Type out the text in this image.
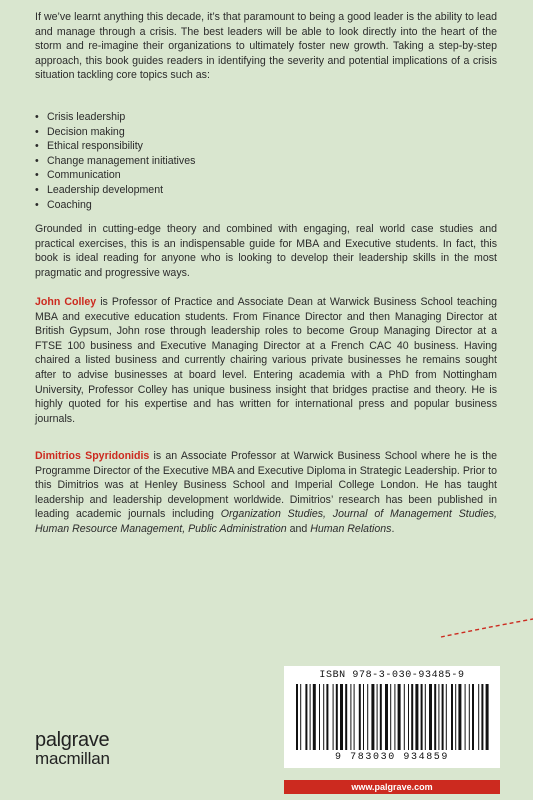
If we’ve learnt anything this decade, it’s that paramount to being a good leader is the ability to lead and manage through a crisis. The best leaders will be able to look directly into the heart of the storm and re-imagine their organizations to ultimately foster new growth. Taking a step-by-step approach, this book guides readers in identifying the severity and potential implications of a crisis situation tackling core topics such as:

• Crisis leadership
• Decision making
• Ethical responsibility
• Change management initiatives
• Communication
• Leadership development
• Coaching

Grounded in cutting-edge theory and combined with engaging, real world case studies and practical exercises, this is an indispensable guide for MBA and Executive students. In fact, this book is ideal reading for anyone who is looking to develop their leadership skills in the most pragmatic and progressive ways.

John Colley is Professor of Practice and Associate Dean at Warwick Business School teaching MBA and executive education students. From Finance Director and then Managing Director at British Gypsum, John rose through leadership roles to become Group Managing Director at a FTSE 100 business and Executive Managing Director at a French CAC 40 business. Having chaired a listed business and currently chairing various private businesses he remains sought after to advise businesses at board level. Entering academia with a PhD from Nottingham University, Professor Colley has unique business insight that bridges practise and theory. He is highly quoted for his expertise and has written for international press and popular business journals.

Dimitrios Spyridonidis is an Associate Professor at Warwick Business School where he is the Programme Director of the Executive MBA and Executive Diploma in Strategic Leadership. Prior to this Dimitrios was at Henley Business School and Imperial College London. He has taught leadership and leadership development worldwide. Dimitrios’ research has been published in leading academic journals including Organization Studies, Journal of Management Studies, Human Resource Management, Public Administration and Human Relations.

palgrave
macmillan
ISBN 978-3-030-93485-9
9 783030 934859
www.palgrave.com
